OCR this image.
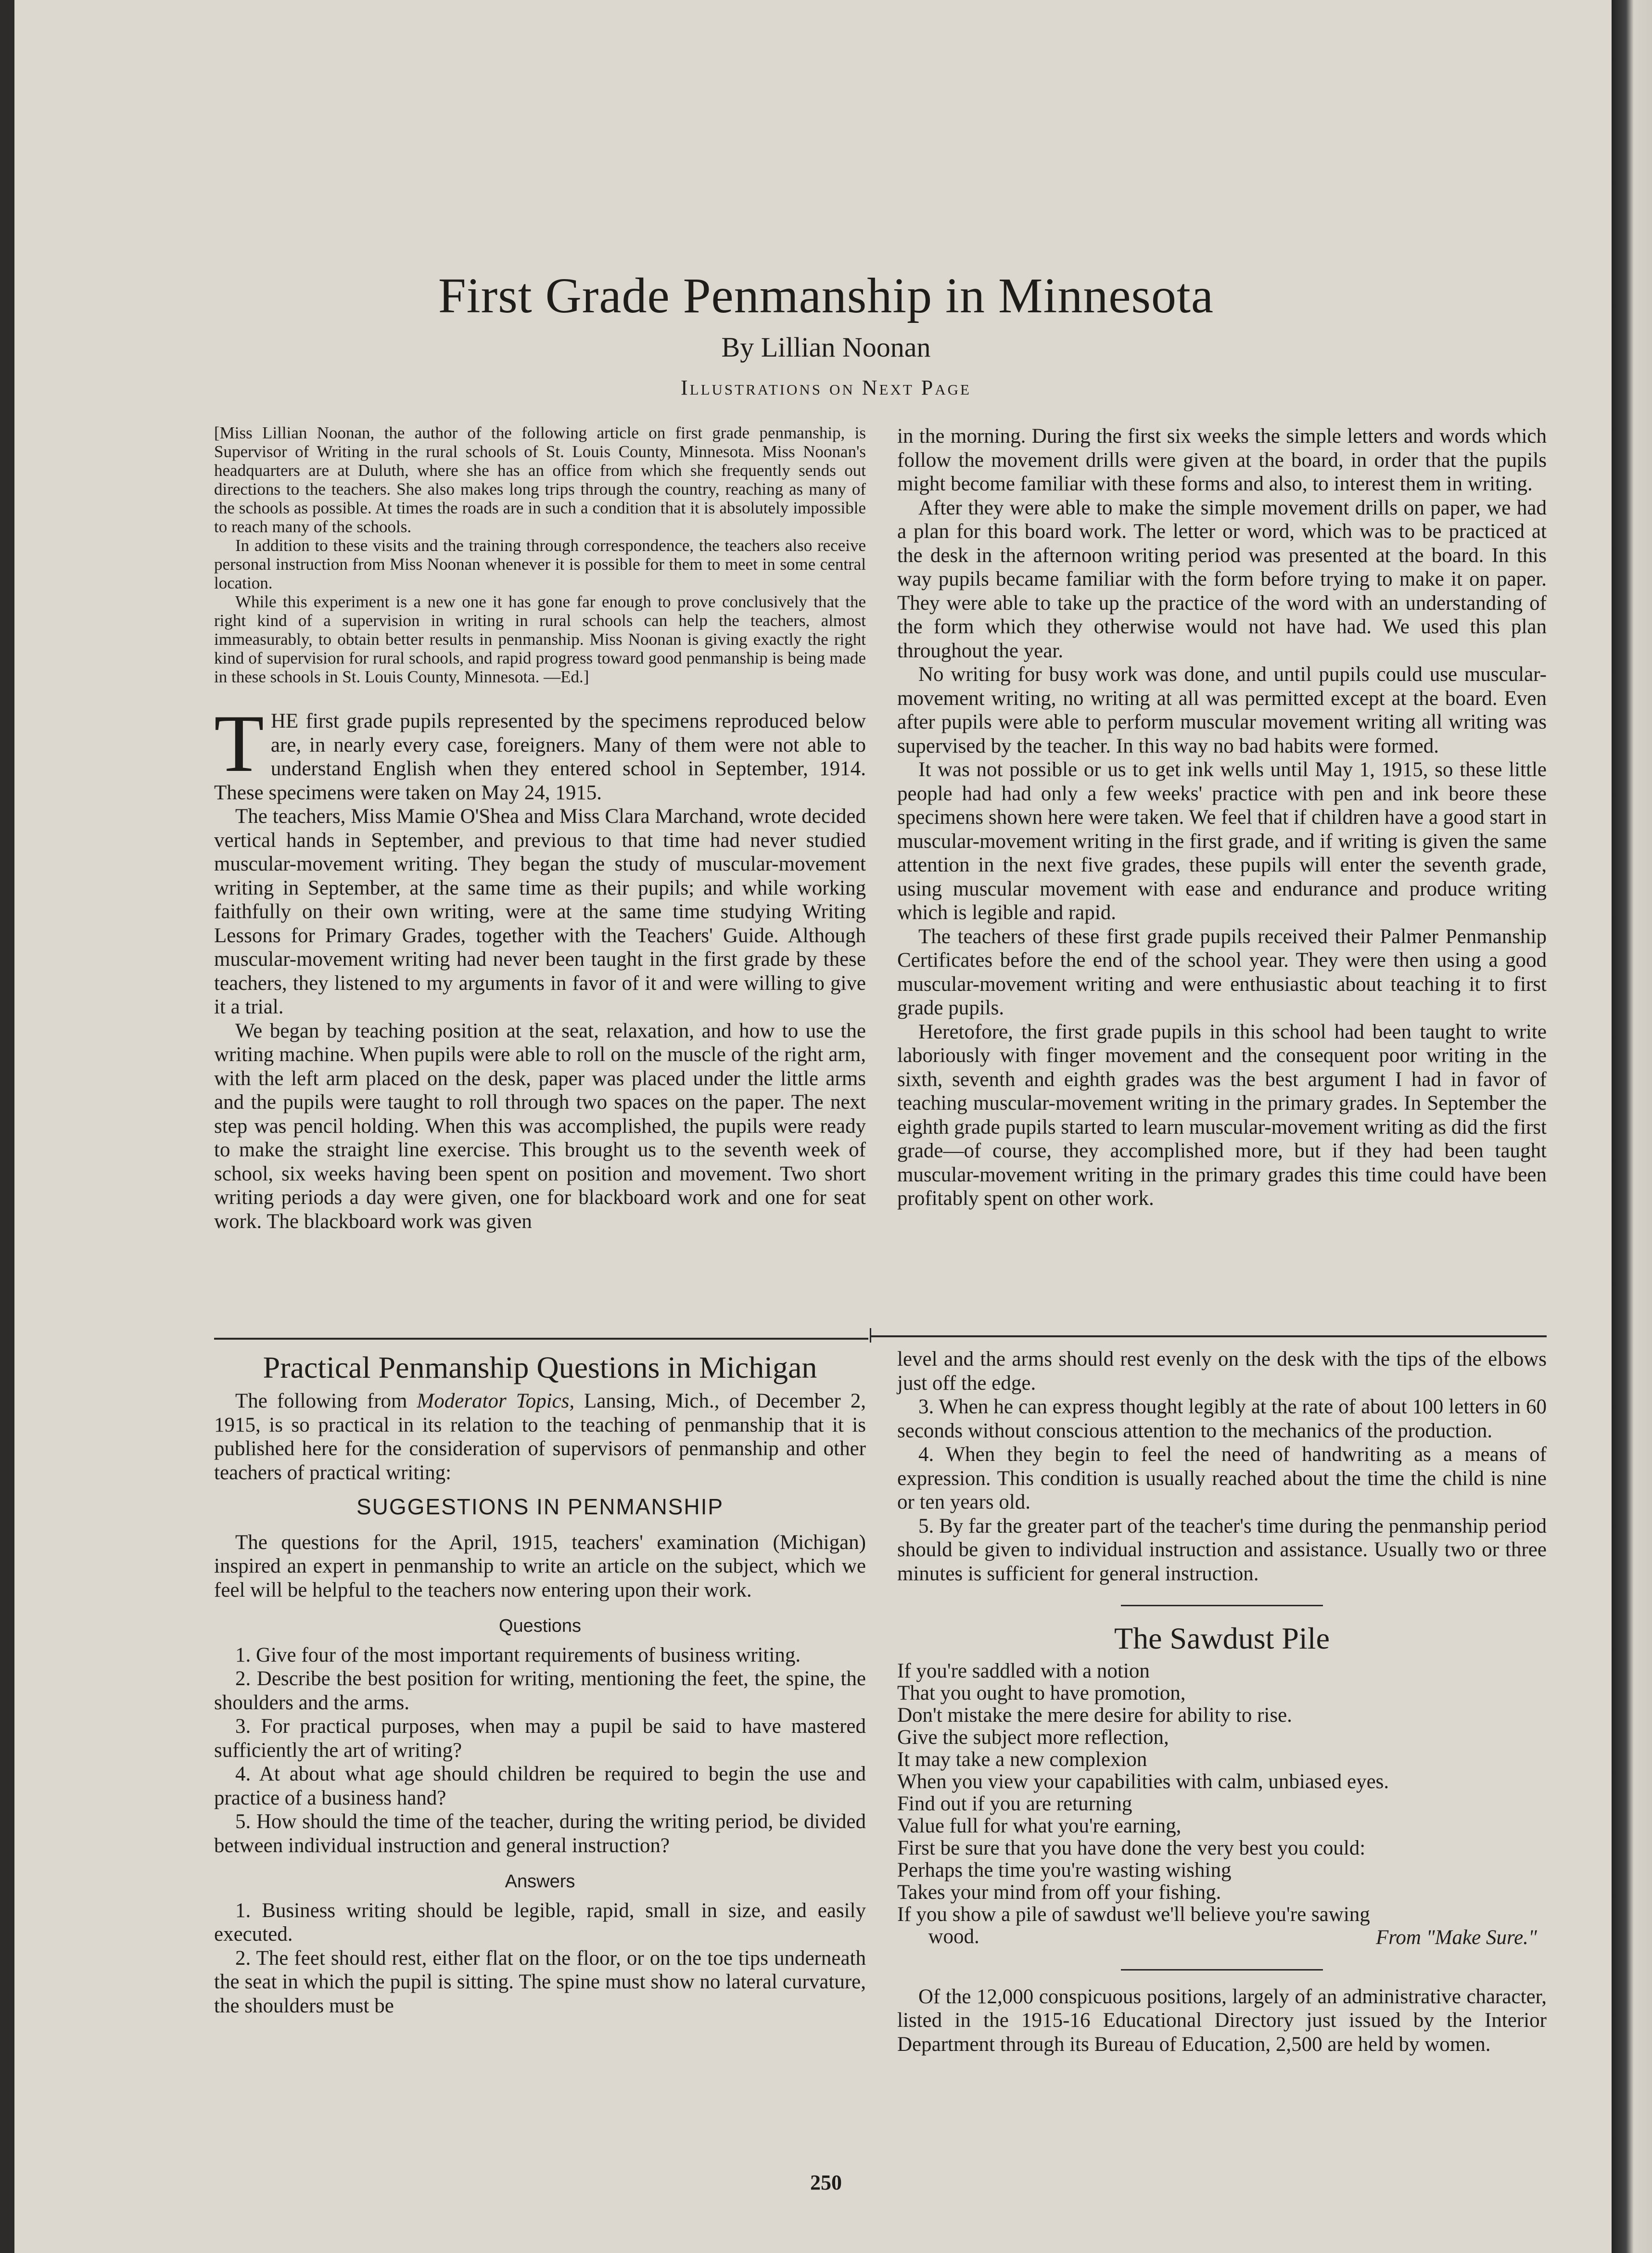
First Grade Penmanship in Minnesota
By Lillian Noonan
Illustrations on Next Page

[Miss Lillian Noonan, the author of the following article on first grade penmanship, is Supervisor of Writing in the rural schools of St. Louis County, Minnesota. Miss Noonan's headquarters are at Duluth, where she has an office from which she frequently sends out directions to the teachers. She also makes long trips through the country, reaching as many of the schools as possible. At times the roads are in such a condition that it is absolutely impossible to reach many of the schools.

In addition to these visits and the training through correspondence, the teachers also receive personal instruction from Miss Noonan whenever it is possible for them to meet in some central location.

While this experiment is a new one it has gone far enough to prove conclusively that the right kind of a supervision in writing in rural schools can help the teachers, almost immeasurably, to obtain better results in penmanship. Miss Noonan is giving exactly the right kind of supervision for rural schools, and rapid progress toward good penmanship is being made in these schools in St. Louis County, Minnesota. —Ed.]

THE first grade pupils represented by the specimens reproduced below are, in nearly every case, foreigners. Many of them were not able to understand English when they entered school in September, 1914. These specimens were taken on May 24, 1915.

The teachers, Miss Mamie O'Shea and Miss Clara Marchand, wrote decided vertical hands in September, and previous to that time had never studied muscular-movement writing. They began the study of muscular-movement writing in September, at the same time as their pupils; and while working faithfully on their own writing, were at the same time studying Writing Lessons for Primary Grades, together with the Teachers' Guide. Although muscular-movement writing had never been taught in the first grade by these teachers, they listened to my arguments in favor of it and were willing to give it a trial.

We began by teaching position at the seat, relaxation, and how to use the writing machine. When pupils were able to roll on the muscle of the right arm, with the left arm placed on the desk, paper was placed under the little arms and the pupils were taught to roll through two spaces on the paper. The next step was pencil holding. When this was accomplished, the pupils were ready to make the straight line exercise. This brought us to the seventh week of school, six weeks having been spent on position and movement. Two short writing periods a day were given, one for blackboard work and one for seat work. The blackboard work was given

in the morning. During the first six weeks the simple letters and words which follow the movement drills were given at the board, in order that the pupils might become familiar with these forms and also, to interest them in writing.

After they were able to make the simple movement drills on paper, we had a plan for this board work. The letter or word, which was to be practiced at the desk in the afternoon writing period was presented at the board. In this way pupils became familiar with the form before trying to make it on paper. They were able to take up the practice of the word with an understanding of the form which they otherwise would not have had. We used this plan throughout the year.

No writing for busy work was done, and until pupils could use muscular-movement writing, no writing at all was permitted except at the board. Even after pupils were able to perform muscular movement writing all writing was supervised by the teacher. In this way no bad habits were formed.

It was not possible or us to get ink wells until May 1, 1915, so these little people had had only a few weeks' practice with pen and ink beore these specimens shown here were taken. We feel that if children have a good start in muscular-movement writing in the first grade, and if writing is given the same attention in the next five grades, these pupils will enter the seventh grade, using muscular movement with ease and endurance and produce writing which is legible and rapid.

The teachers of these first grade pupils received their Palmer Penmanship Certificates before the end of the school year. They were then using a good muscular-movement writing and were enthusiastic about teaching it to first grade pupils.

Heretofore, the first grade pupils in this school had been taught to write laboriously with finger movement and the consequent poor writing in the sixth, seventh and eighth grades was the best argument I had in favor of teaching muscular-movement writing in the primary grades. In September the eighth grade pupils started to learn muscular-movement writing as did the first grade—of course, they accomplished more, but if they had been taught muscular-movement writing in the primary grades this time could have been profitably spent on other work.

Practical Penmanship Questions in Michigan

The following from Moderator Topics, Lansing, Mich., of December 2, 1915, is so practical in its relation to the teaching of penmanship that it is published here for the consideration of supervisors of penmanship and other teachers of practical writing:

SUGGESTIONS IN PENMANSHIP

The questions for the April, 1915, teachers' examination (Michigan) inspired an expert in penmanship to write an article on the subject, which we feel will be helpful to the teachers now entering upon their work.

Questions

1. Give four of the most important requirements of business writing.

2. Describe the best position for writing, mentioning the feet, the spine, the shoulders and the arms.

3. For practical purposes, when may a pupil be said to have mastered sufficiently the art of writing?

4. At about what age should children be required to begin the use and practice of a business hand?

5. How should the time of the teacher, during the writing period, be divided between individual instruction and general instruction?

Answers

1. Business writing should be legible, rapid, small in size, and easily executed.

2. The feet should rest, either flat on the floor, or on the toe tips underneath the seat in which the pupil is sitting. The spine must show no lateral curvature, the shoulders must be

level and the arms should rest evenly on the desk with the tips of the elbows just off the edge.

3. When he can express thought legibly at the rate of about 100 letters in 60 seconds without conscious attention to the mechanics of the production.

4. When they begin to feel the need of handwriting as a means of expression. This condition is usually reached about the time the child is nine or ten years old.

5. By far the greater part of the teacher's time during the penmanship period should be given to individual instruction and assistance. Usually two or three minutes is sufficient for general instruction.

The Sawdust Pile
If you're saddled with a notion
That you ought to have promotion,
Don't mistake the mere desire for ability to rise.
Give the subject more reflection,
It may take a new complexion
When you view your capabilities with calm, unbiased eyes.
Find out if you are returning
Value full for what you're earning,
First be sure that you have done the very best you could:
Perhaps the time you're wasting wishing
Takes your mind from off your fishing.
If you show a pile of sawdust we'll believe you're sawing
wood.	From "Make Sure."

Of the 12,000 conspicuous positions, largely of an administrative character, listed in the 1915-16 Educational Directory just issued by the Interior Department through its Bureau of Education, 2,500 are held by women.

250
